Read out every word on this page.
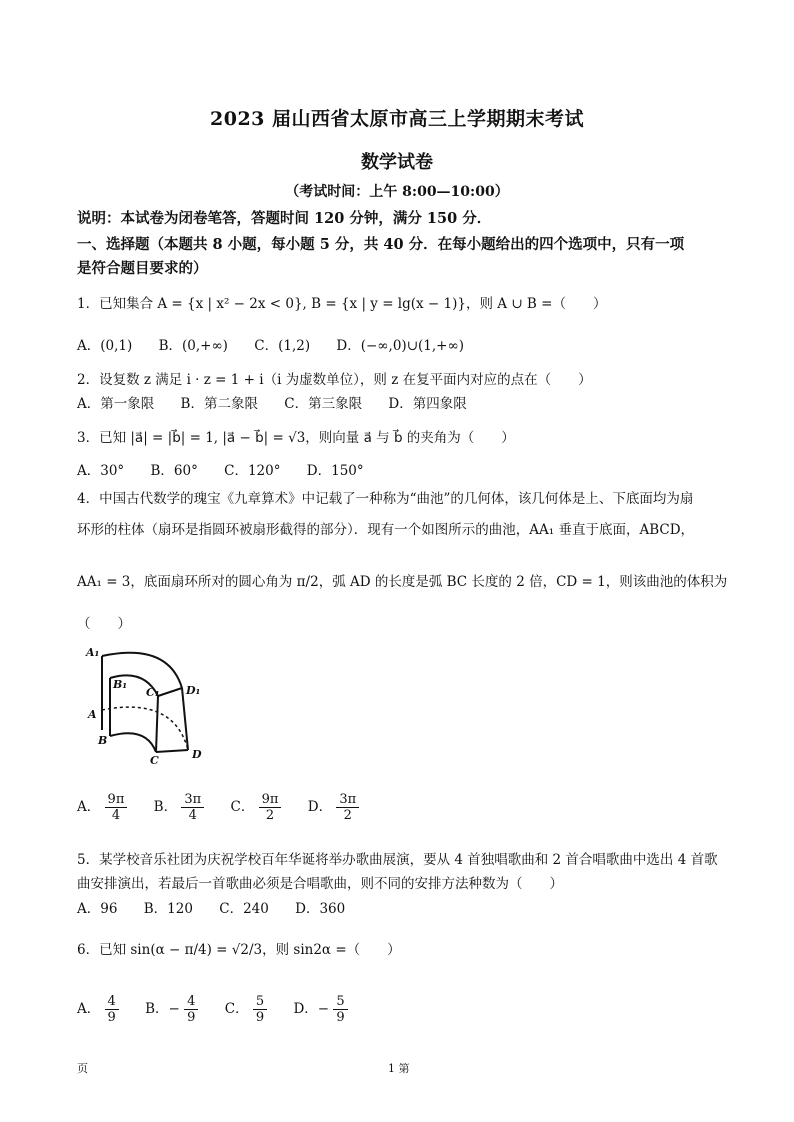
2023 届山西省太原市高三上学期期末考试
数学试卷
（考试时间：上午 8:00—10:00）
说明：本试卷为闭卷笔答，答题时间 120 分钟，满分 150 分．
一、选择题（本题共 8 小题，每小题 5 分，共 40 分．在每小题给出的四个选项中，只有一项
是符合题目要求的）
1．已知集合 A = {x | x² − 2x < 0}, B = {x | y = lg(x − 1)}，则 A ∪ B =（　　）
A．(0,1) B．(0,+∞) C．(1,2) D．(−∞,0)∪(1,+∞)
2．设复数 z 满足 i · z = 1 + i（i 为虚数单位），则 z 在复平面内对应的点在（　　）
A．第一象限 B．第二象限 C．第三象限 D．第四象限
3．已知 |a⃗| = |b⃗| = 1, |a⃗ − b⃗| = √3，则向量 a⃗ 与 b⃗ 的夹角为（　　）
A．30° B．60° C．120° D．150°
4．中国古代数学的瑰宝《九章算术》中记载了一种称为“曲池”的几何体，该几何体是上、下底面均为扇
环形的柱体（扇环是指圆环被扇形截得的部分）．现有一个如图所示的曲池，AA₁ 垂直于底面，ABCD，
AA₁ = 3，底面扇环所对的圆心角为 π/2，弧 AD 的长度是弧 BC 长度的 2 倍，CD = 1，则该曲池的体积为
（　　）
A₁
B₁
C₁ D₁
A
B
C	D
A． $\frac{9\pi}{4}$ B． $\frac{3\pi}{4}$ C． $\frac{9\pi}{2}$ D． $\frac{3\pi}{2}$
5．某学校音乐社团为庆祝学校百年华诞将举办歌曲展演，要从 4 首独唱歌曲和 2 首合唱歌曲中选出 4 首歌
曲安排演出，若最后一首歌曲必须是合唱歌曲，则不同的安排方法种数为（　　）
A．96 B．120 C．240 D．360
6．已知 sin(α − π/4) = √2/3，则 sin2α =（　　）
A． $\frac{4}{9}$ B．− $\frac{4}{9}$ C． $\frac{5}{9}$ D．− $\frac{5}{9}$
页	1 第
